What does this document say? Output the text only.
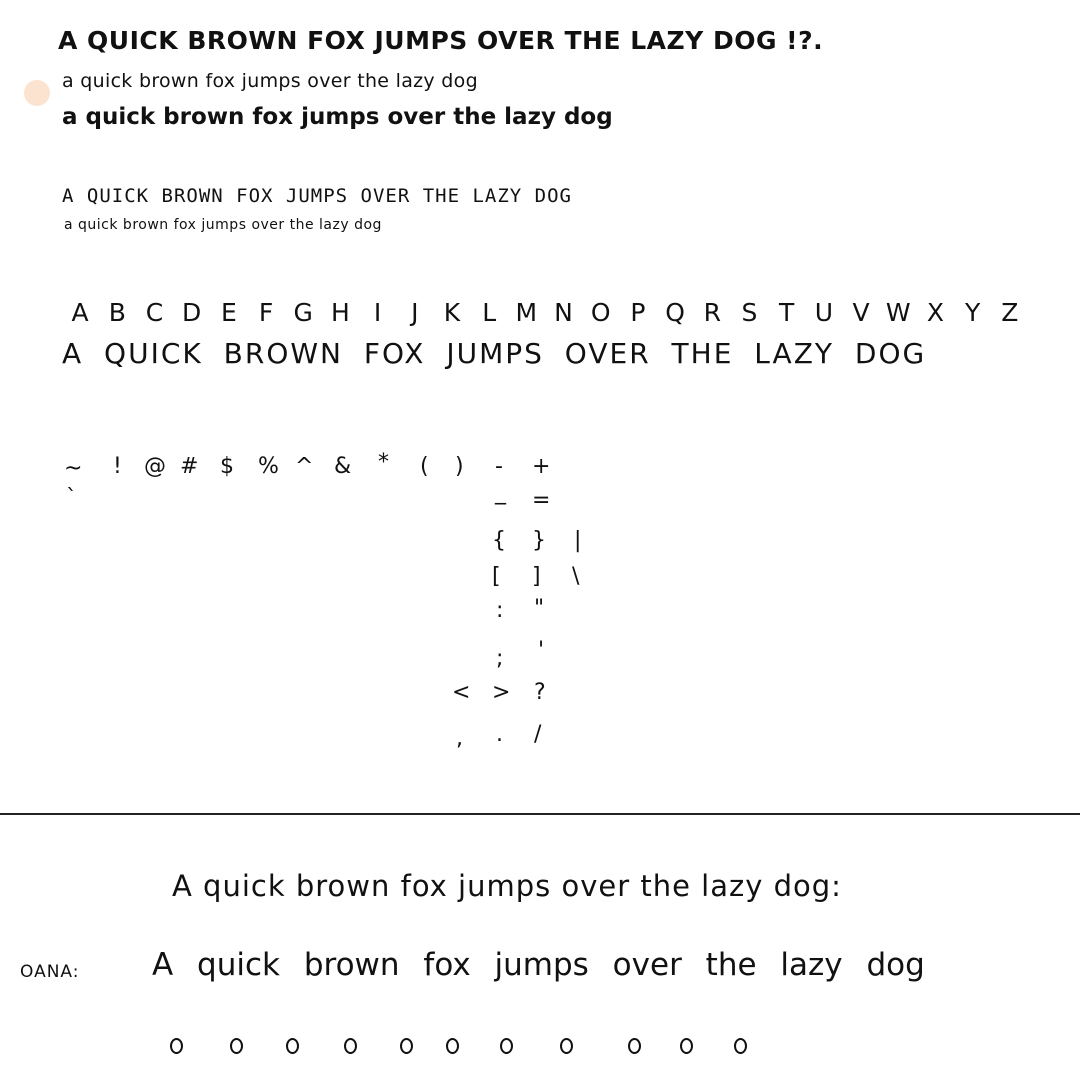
A QUICK BROWN FOX JUMPS OVER THE LAZY DOG !?.
a quick brown fox jumps over the lazy dog
a quick brown fox jumps over the lazy dog
A QUICK BROWN FOX JUMPS OVER THE LAZY DOG
a quick brown fox jumps over the lazy dog
A B C D E F G H I	J K L M N O P Q R S T U V W X Y Z
A QUICK BROWN FOX JUMPS OVER THE LAZY DOG
~
`
! @ # $ % ^ & * ( ) - +
_ =
{ } |
[ ] \
: "
; '
< > ?
, . /
A quick brown fox jumps over the lazy dog:
OANA: A quick brown fox jumps over the lazy dog
